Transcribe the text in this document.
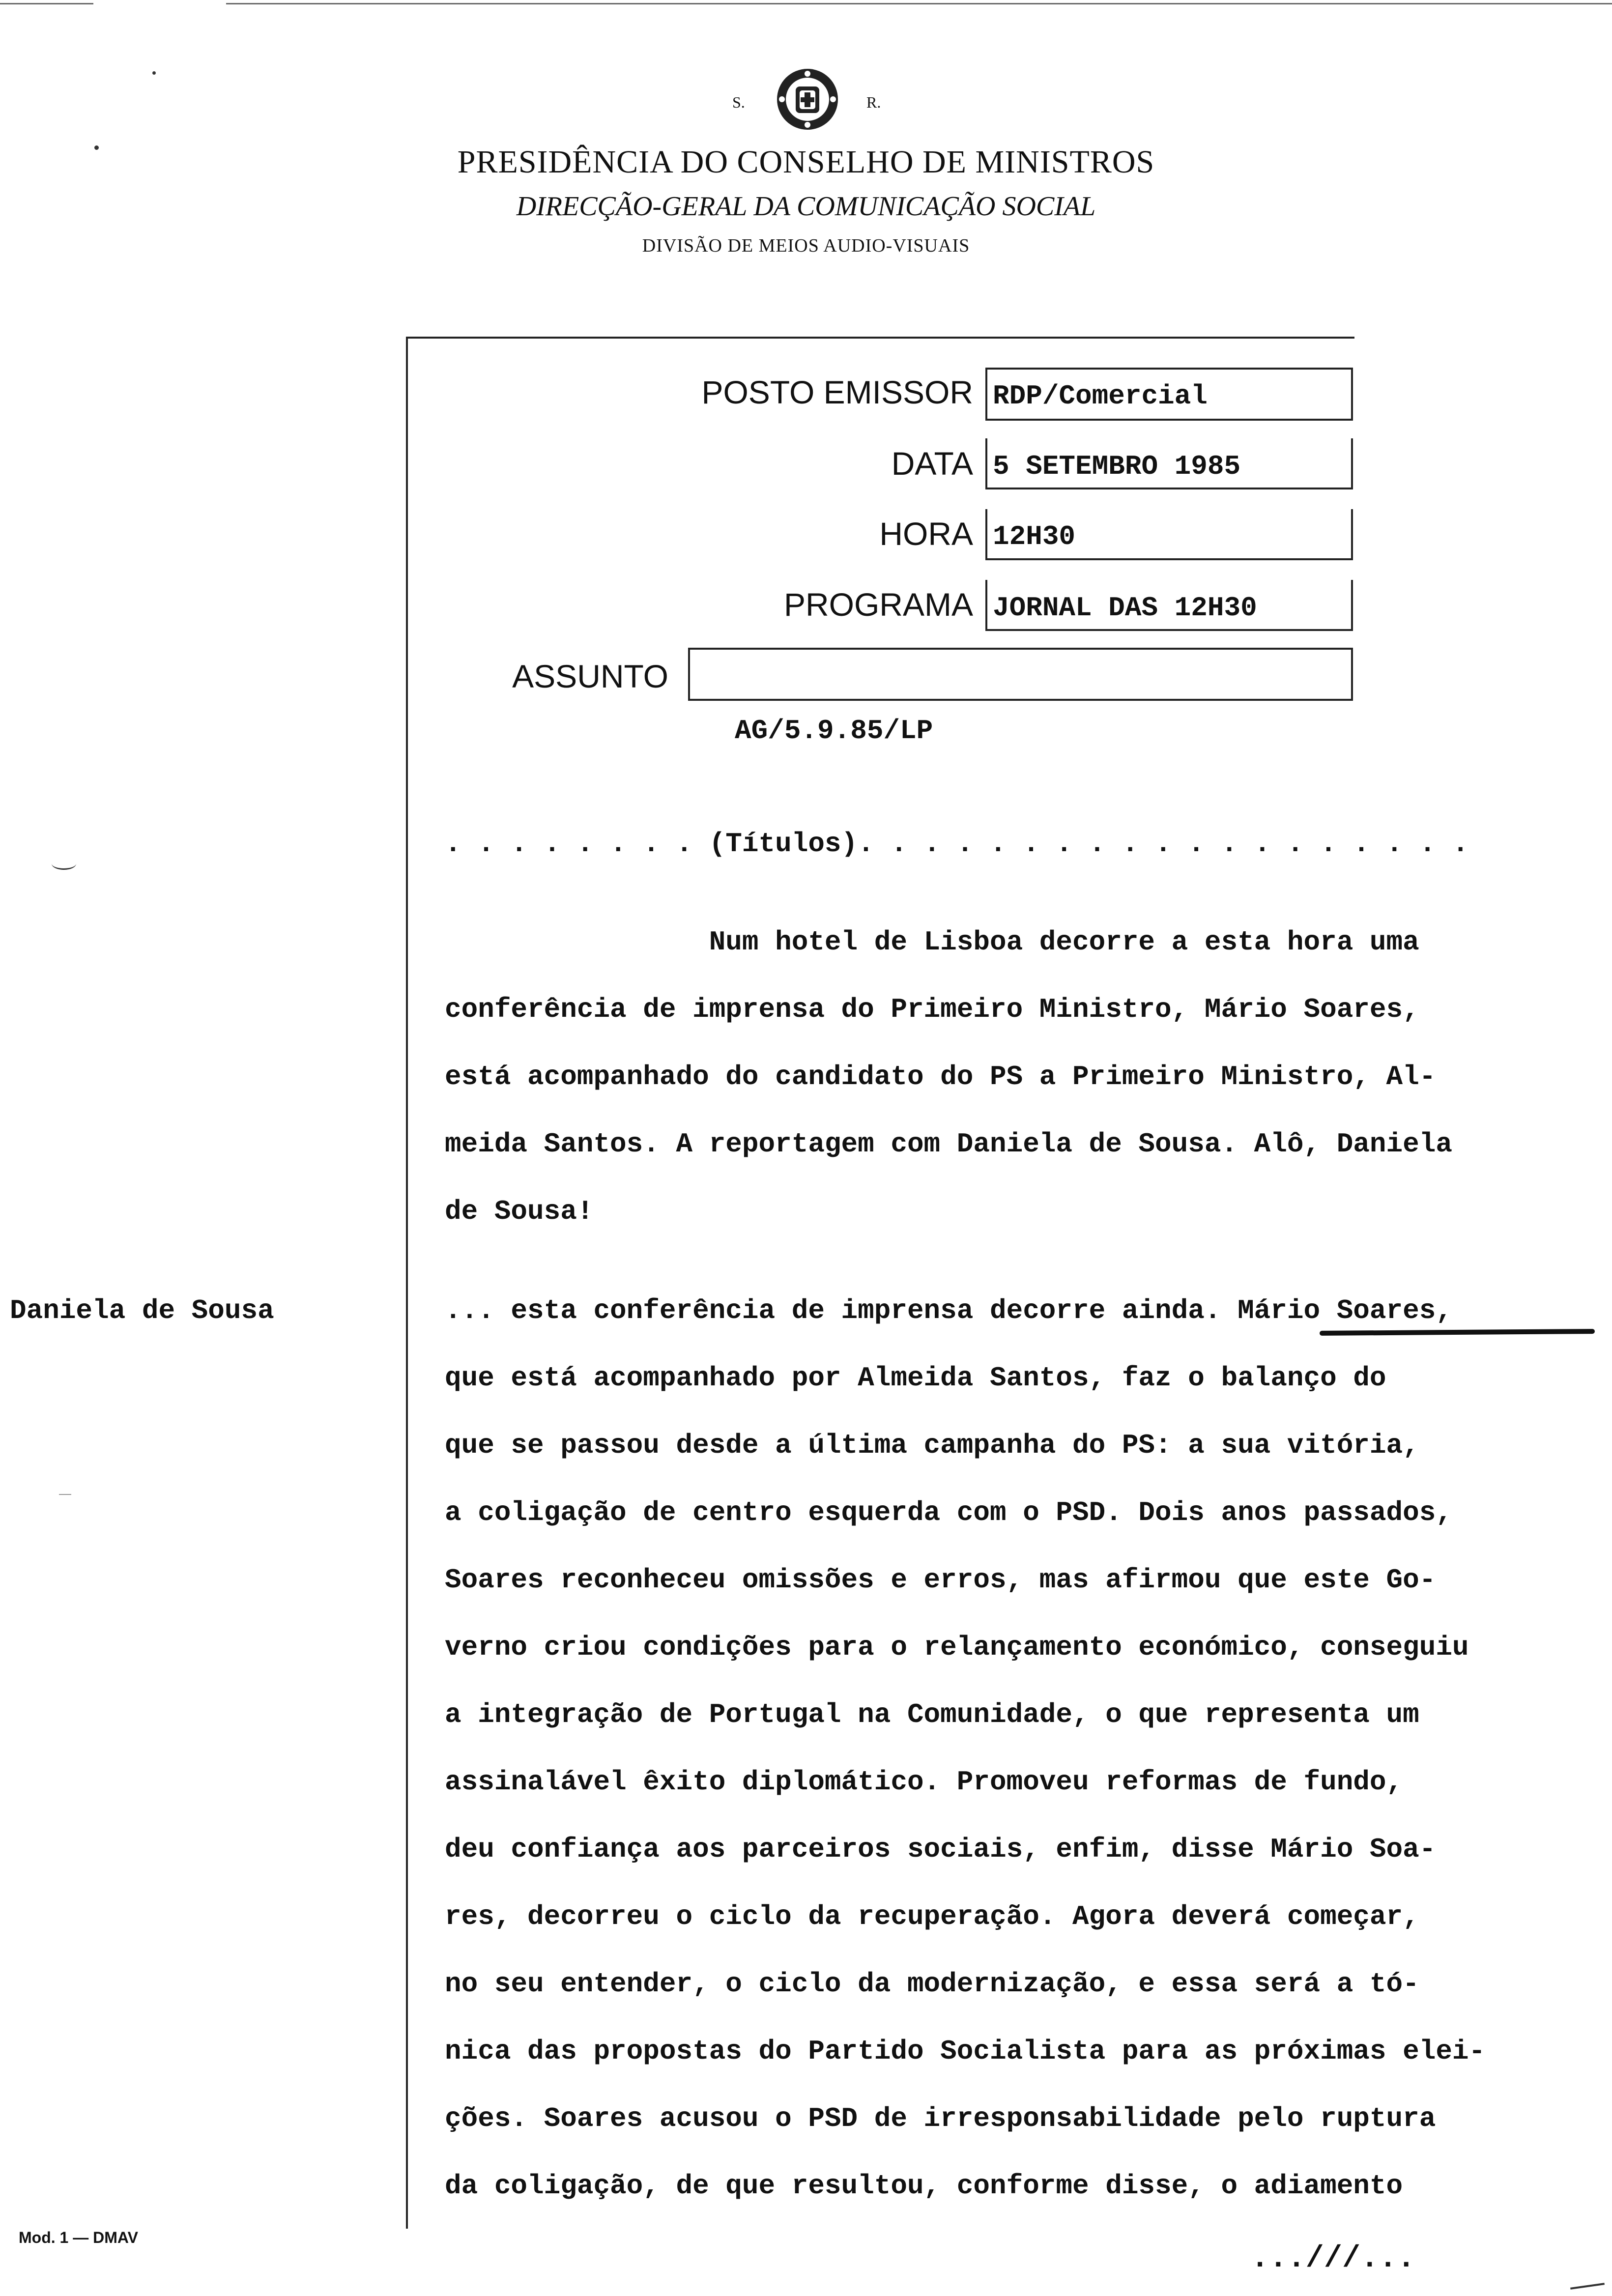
S.	R.
PRESIDÊNCIA DO CONSELHO DE MINISTROS
DIRECÇÃO-GERAL DA COMUNICAÇÃO SOCIAL
DIVISÃO DE MEIOS AUDIO-VISUAIS
POSTO EMISSOR RDP/Comercial
DATA 5 SETEMBRO 1985
HORA 12H30
PROGRAMA JORNAL DAS 12H30
ASSUNTO
AG/5.9.85/LP
. . . . . . . . (Títulos). . . . . . . . . . . . . . . . . . .
Num hotel de Lisboa decorre a esta hora uma
conferência de imprensa do Primeiro Ministro, Mário Soares,
está acompanhado do candidato do PS a Primeiro Ministro, Al-
meida Santos. A reportagem com Daniela de Sousa. Alô, Daniela
de Sousa!
Daniela de Sousa	... esta conferência de imprensa decorre ainda. Mário Soares,
que está acompanhado por Almeida Santos, faz o balanço do
que se passou desde a última campanha do PS: a sua vitória,
a coligação de centro esquerda com o PSD. Dois anos passados,
Soares reconheceu omissões e erros, mas afirmou que este Go-
verno criou condições para o relançamento económico, conseguiu
a integração de Portugal na Comunidade, o que representa um
assinalável êxito diplomático. Promoveu reformas de fundo,
deu confiança aos parceiros sociais, enfim, disse Mário Soa-
res, decorreu o ciclo da recuperação. Agora deverá começar,
no seu entender, o ciclo da modernização, e essa será a tó-
nica das propostas do Partido Socialista para as próximas elei-
ções. Soares acusou o PSD de irresponsabilidade pelo ruptura
da coligação, de que resultou, conforme disse, o adiamento
Mod. 1 — DMAV
...///...
